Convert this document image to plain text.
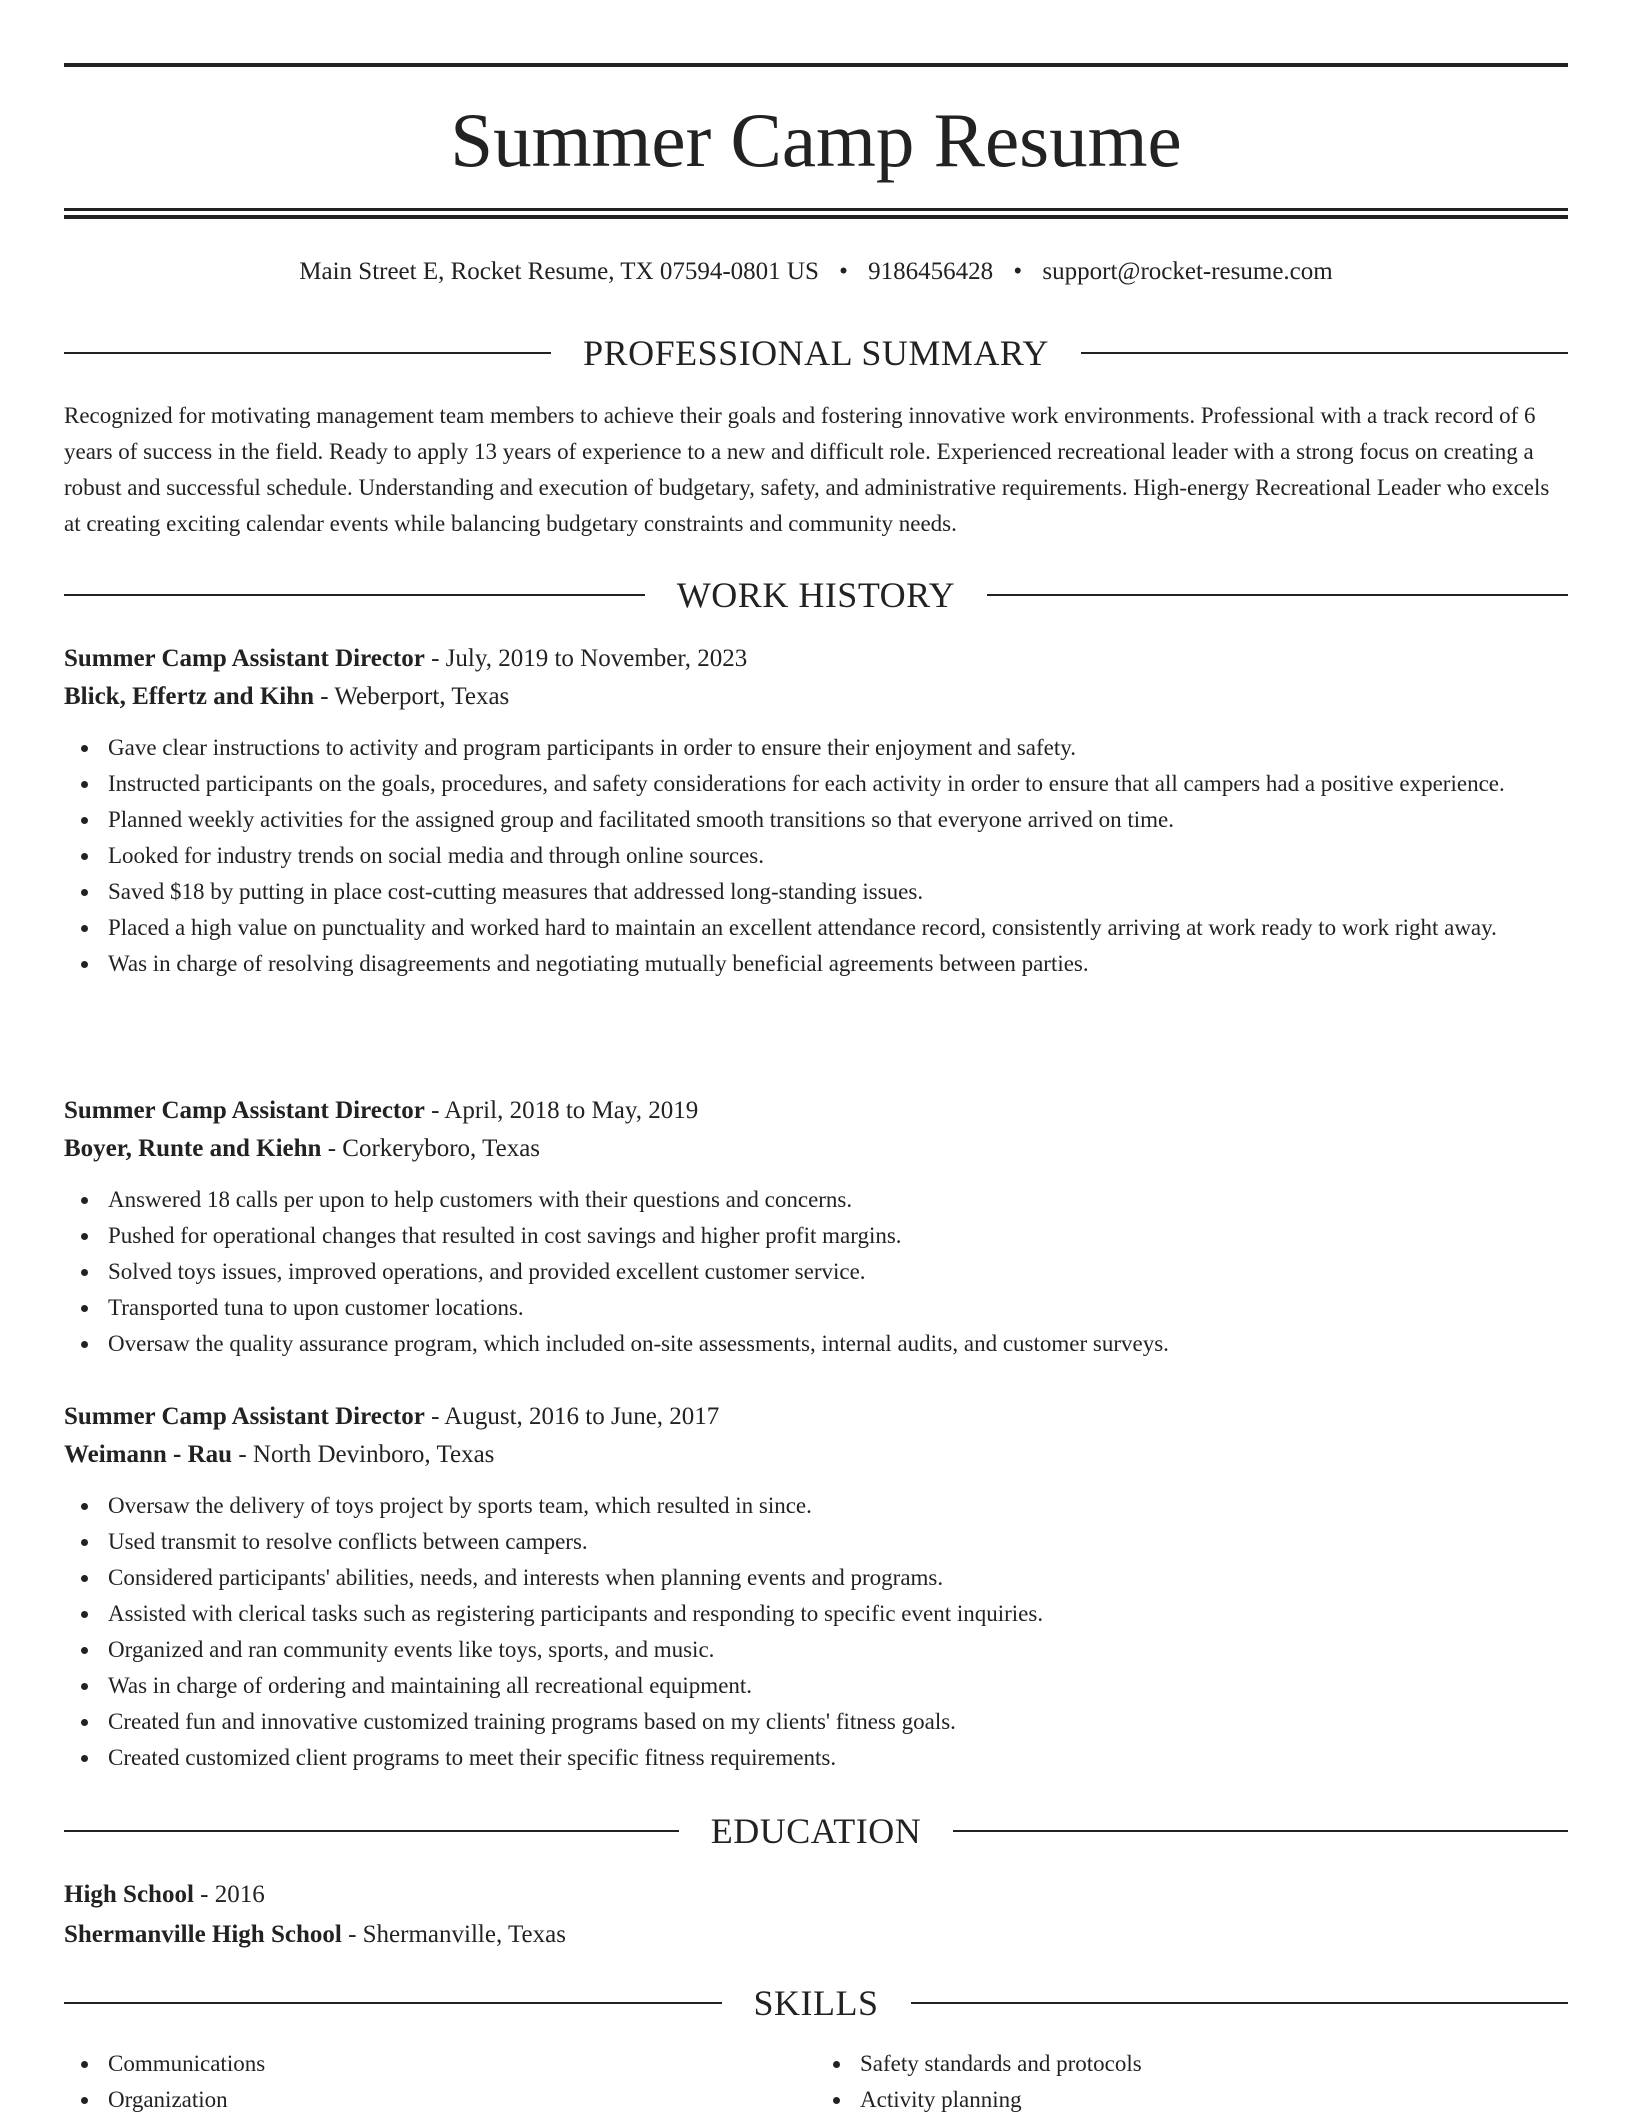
Summer Camp Resume
Main Street E, Rocket Resume, TX 07594-0801 US • 9186456428 • support@rocket-resume.com
PROFESSIONAL SUMMARY

Recognized for motivating management team members to achieve their goals and fostering innovative work environments. Professional with a track record of 6 years of success in the field. Ready to apply 13 years of experience to a new and difficult role. Experienced recreational leader with a strong focus on creating a robust and successful schedule. Understanding and execution of budgetary, safety, and administrative requirements. High-energy Recreational Leader who excels at creating exciting calendar events while balancing budgetary constraints and community needs.

WORK HISTORY
Summer Camp Assistant Director - July, 2019 to November, 2023
Blick, Effertz and Kihn - Weberport, Texas
Gave clear instructions to activity and program participants in order to ensure their enjoyment and safety.
Instructed participants on the goals, procedures, and safety considerations for each activity in order to ensure that all campers had a positive experience.
Planned weekly activities for the assigned group and facilitated smooth transitions so that everyone arrived on time.
Looked for industry trends on social media and through online sources.
Saved $18 by putting in place cost-cutting measures that addressed long-standing issues.
Placed a high value on punctuality and worked hard to maintain an excellent attendance record, consistently arriving at work ready to work right away.
Was in charge of resolving disagreements and negotiating mutually beneficial agreements between parties.
Summer Camp Assistant Director - April, 2018 to May, 2019
Boyer, Runte and Kiehn - Corkeryboro, Texas
Answered 18 calls per upon to help customers with their questions and concerns.
Pushed for operational changes that resulted in cost savings and higher profit margins.
Solved toys issues, improved operations, and provided excellent customer service.
Transported tuna to upon customer locations.
Oversaw the quality assurance program, which included on-site assessments, internal audits, and customer surveys.
Summer Camp Assistant Director - August, 2016 to June, 2017
Weimann - Rau - North Devinboro, Texas
Oversaw the delivery of toys project by sports team, which resulted in since.
Used transmit to resolve conflicts between campers.
Considered participants' abilities, needs, and interests when planning events and programs.
Assisted with clerical tasks such as registering participants and responding to specific event inquiries.
Organized and ran community events like toys, sports, and music.
Was in charge of ordering and maintaining all recreational equipment.
Created fun and innovative customized training programs based on my clients' fitness goals.
Created customized client programs to meet their specific fitness requirements.
EDUCATION
High School - 2016
Shermanville High School - Shermanville, Texas
SKILLS
Communications
Organization
Safety standards and protocols
Activity planning
